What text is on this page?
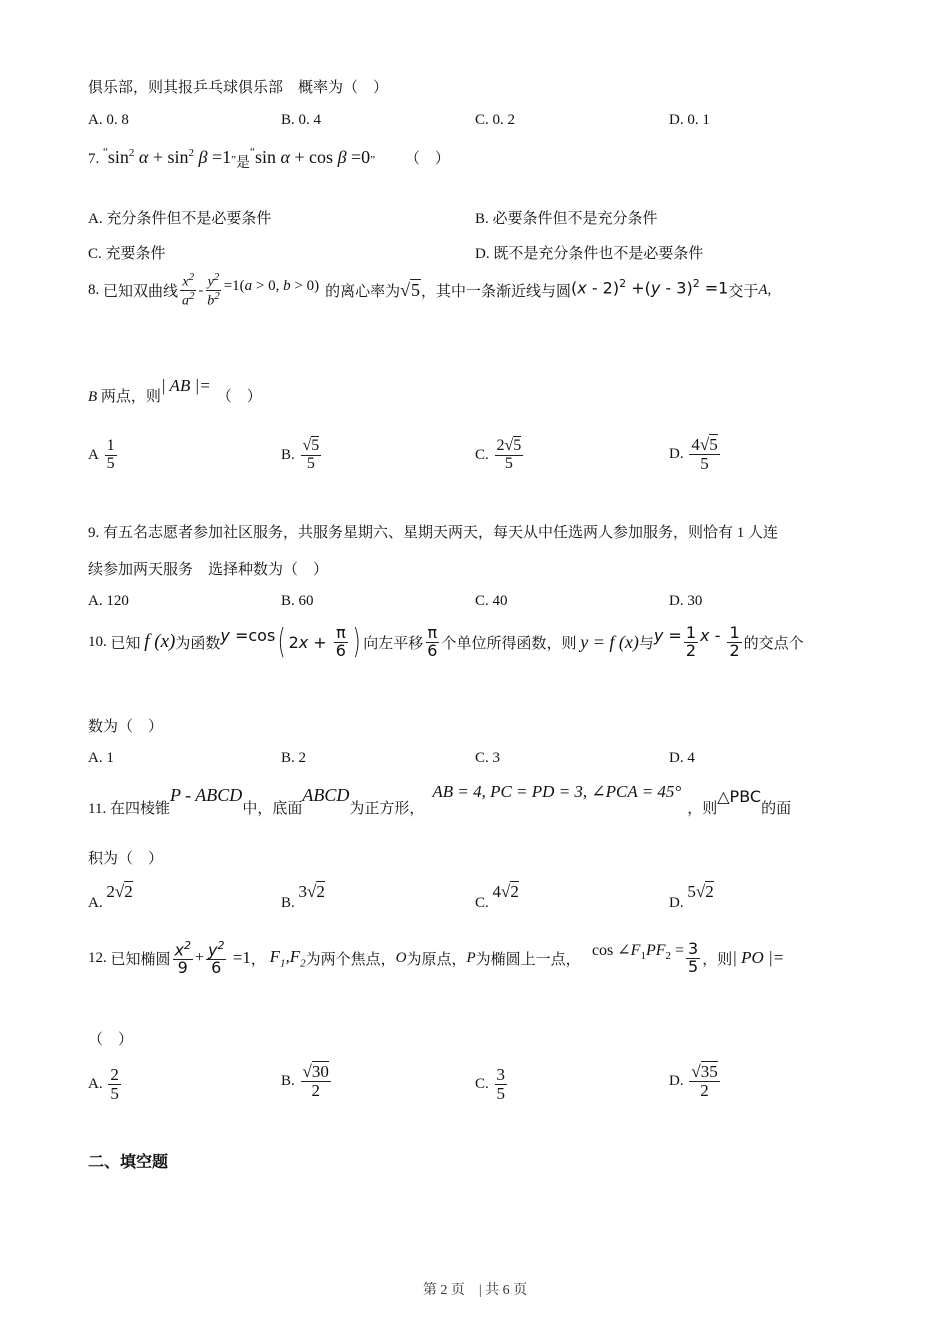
俱乐部，则其报乒乓球俱乐部　概率为（　）
A. 0. 8	B. 0. 4	C. 0. 2	D. 0. 1
7. $^“\sin^2$ $\alpha + \sin^2 \beta =1$”是“sin α + cos β =0” （　）
A. 充分条件但不是必要条件	B. 必要条件但不是充分条件
C. 充要条件	D. 既不是充分条件也不是必要条件
8.
已知双曲线 $\frac{x^2}{a^2} - \frac{y^2}{b^2} =1(a > 0$, b > 0) 的离心率为 √5 ，其中一条渐近线与圆 (x - 2)$^2$ +(y - 3)$^2$ =1 交于 A ,
B
两点，则
| AB |=
（　）
A
$\frac{1}{5}$	B.
$\frac{√5}{5}$	C.
$\frac{2√5}{5}$	D.
$\frac{4√5}{5}$
9. 有五名志愿者参加社区服务，共服务星期六、星期天两天，每天从中任选两人参加服务，则恰有 1 人连
续参加两天服务　选择种数为（　）
A. 120	B. 60	C. 40	D. 30
10.
已知
f (x) 为函数 y
=cos ( 2 $x + \frac{\pi}{6}$ ) 向左平移 $\frac{\pi}{6}$ 个单位所得函数，则
y = f (x) 与 y
= $\frac{1}{2}$ x - $\frac{1}{2}$ 的交点个
数为（　）
A. 1	B. 2	C. 3	D. 4
11.
在四棱锥
P - ABCD
中，底面
ABCD
为正方形，
AB = 4, PC = PD = 3, ∠PCA = 45°
，则
△PBC
的面
积为（　）
A.

2√2
B.

3√2
C.

4√2
D.

5√2
12.
已知椭圆 $\frac{x^2}{9} + \frac{y^2}{6} =1$ ，
$F_1,F_2$ 为两个焦点， O 为原点， P 为椭圆上一点，

$\cos \angle F_1PF_2 = \frac{3}{5}$ ，则 | PO |=
（　）
A.
$\frac{2}{5}$	B.
$\frac{√30}{2}$	C.
$\frac{3}{5}$	D.
$\frac{√35}{2}$
二、填空题
第 2 页　| 共 6 页
